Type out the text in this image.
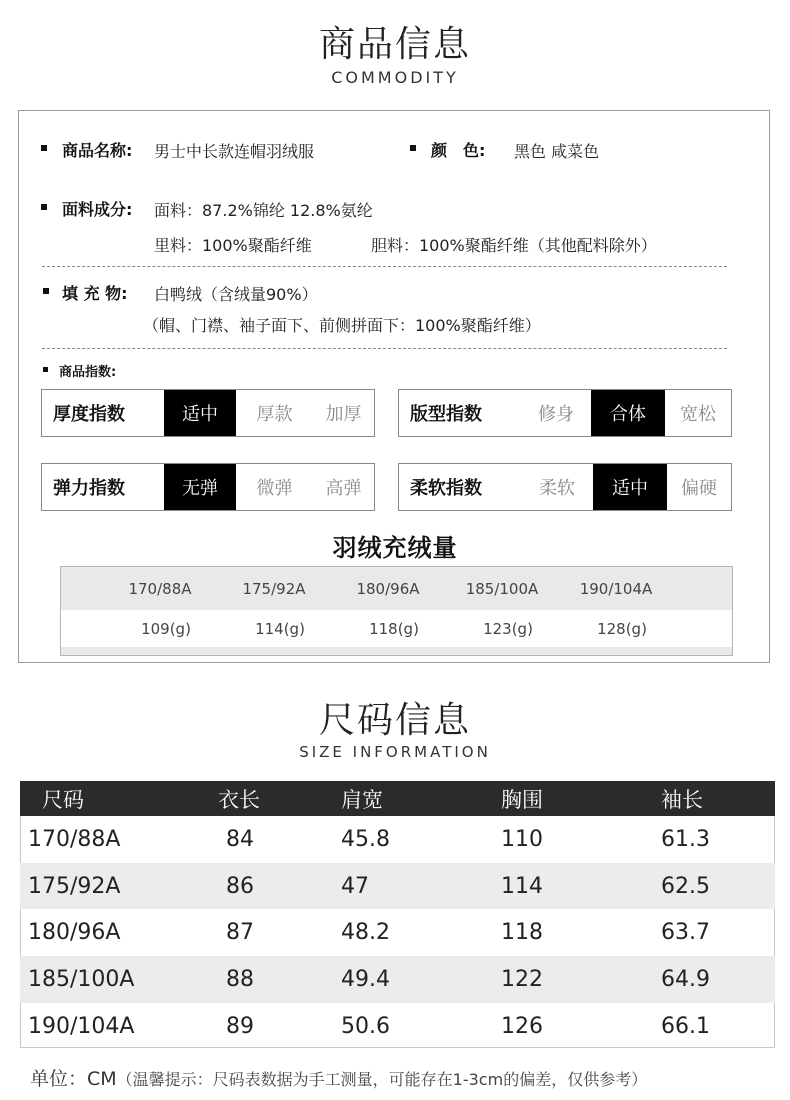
商品信息
COMMODITY
商品名称: 男士中长款连帽羽绒服	颜　色: 黑色 咸菜色
面料成分: 面料：87.2%锦纶 12.8%氨纶
里料：100%聚酯纤维	胆料：100%聚酯纤维（其他配料除外）
填 充 物: 白鸭绒（含绒量90%）
（帽、门襟、袖子面下、前侧拼面下：100%聚酯纤维）
商品指数:
厚度指数	适中	厚款	加厚	版型指数	修身	合体	宽松
弹力指数	无弹	微弹	高弹	柔软指数	柔软	适中	偏硬
羽绒充绒量
170/88A	175/92A	180/96A	185/100A	190/104A
109(g)	114(g)	118(g)	123(g)	128(g)
尺码信息
SIZE INFORMATION
尺码	衣长	肩宽	胸围	袖长
170/88A	84	45.8	110	61.3
175/92A	86	47	114	62.5
180/96A	87	48.2	118	63.7
185/100A	88	49.4	122	64.9
190/104A	89	50.6	126	66.1
单位：CM（温馨提示：尺码表数据为手工测量，可能存在1-3cm的偏差，仅供参考）
